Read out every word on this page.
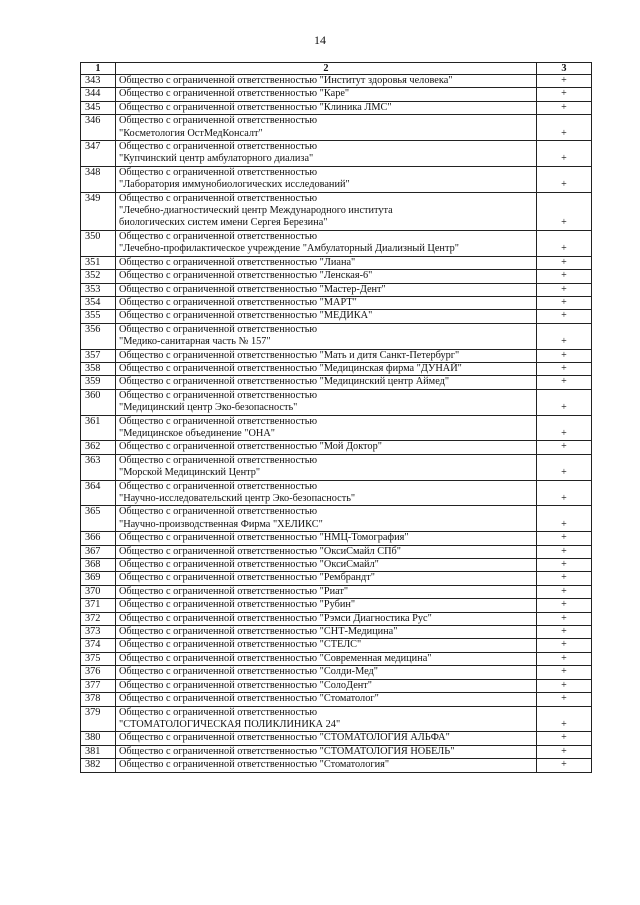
14
1	2	3
343	Общество с ограниченной ответственностью "Институт здоровья человека"	+
344	Общество с ограниченной ответственностью "Каре"	+
345	Общество с ограниченной ответственностью "Клиника ЛМС"	+
346	Общество с ограниченной ответственностью
"Косметология ОстМедКонсалт"	+
347	Общество с ограниченной ответственностью
"Купчинский центр амбулаторного диализа"	+
348	Общество с ограниченной ответственностью
"Лаборатория иммунобиологических исследований"	+
349	Общество с ограниченной ответственностью
"Лечебно-диагностический центр Международного института
биологических систем имени Сергея Березина"	+
350	Общество с ограниченной ответственностью
"Лечебно-профилактическое учреждение "Амбулаторный Диализный Центр"	+
351	Общество с ограниченной ответственностью "Лиана"	+
352	Общество с ограниченной ответственностью "Ленская-6"	+
353	Общество с ограниченной ответственностью "Мастер-Дент"	+
354	Общество с ограниченной ответственностью "МАРТ"	+
355	Общество с ограниченной ответственностью "МЕДИКА"	+
356	Общество с ограниченной ответственностью
"Медико-санитарная часть № 157"	+
357	Общество с ограниченной ответственностью "Мать и дитя Санкт-Петербург"	+
358	Общество с ограниченной ответственностью "Медицинская фирма "ДУНАЙ"	+
359	Общество с ограниченной ответственностью "Медицинский центр Аймед"	+
360	Общество с ограниченной ответственностью
"Медицинский центр Эко-безопасность"	+
361	Общество с ограниченной ответственностью
"Медицинское объединение "ОНА"	+
362	Общество с ограниченной ответственностью "Мой Доктор"	+
363	Общество с ограниченной ответственностью
"Морской Медицинский Центр"	+
364	Общество с ограниченной ответственностью
"Научно-исследовательский центр Эко-безопасность"	+
365	Общество с ограниченной ответственностью
"Научно-производственная Фирма "ХЕЛИКС"	+
366	Общество с ограниченной ответственностью "НМЦ-Томография"	+
367	Общество с ограниченной ответственностью "ОксиСмайл СПб"	+
368	Общество с ограниченной ответственностью "ОксиСмайл"	+
369	Общество с ограниченной ответственностью "Рембрандт"	+
370	Общество с ограниченной ответственностью "Риат"	+
371	Общество с ограниченной ответственностью "Рубин"	+
372	Общество с ограниченной ответственностью "Рэмси Диагностика Рус"	+
373	Общество с ограниченной ответственностью "СНТ-Медицина"	+
374	Общество с ограниченной ответственностью "СТЕЛС"	+
375	Общество с ограниченной ответственностью "Современная медицина"	+
376	Общество с ограниченной ответственностью "Солди-Мед"	+
377	Общество с ограниченной ответственностью "СолоДент"	+
378	Общество с ограниченной ответственностью "Стоматолог"	+
379	Общество с ограниченной ответственностью
"СТОМАТОЛОГИЧЕСКАЯ ПОЛИКЛИНИКА 24"	+
380	Общество с ограниченной ответственностью "СТОМАТОЛОГИЯ АЛЬФА"	+
381	Общество с ограниченной ответственностью "СТОМАТОЛОГИЯ НОБЕЛЬ"	+
382	Общество с ограниченной ответственностью "Стоматология"	+
